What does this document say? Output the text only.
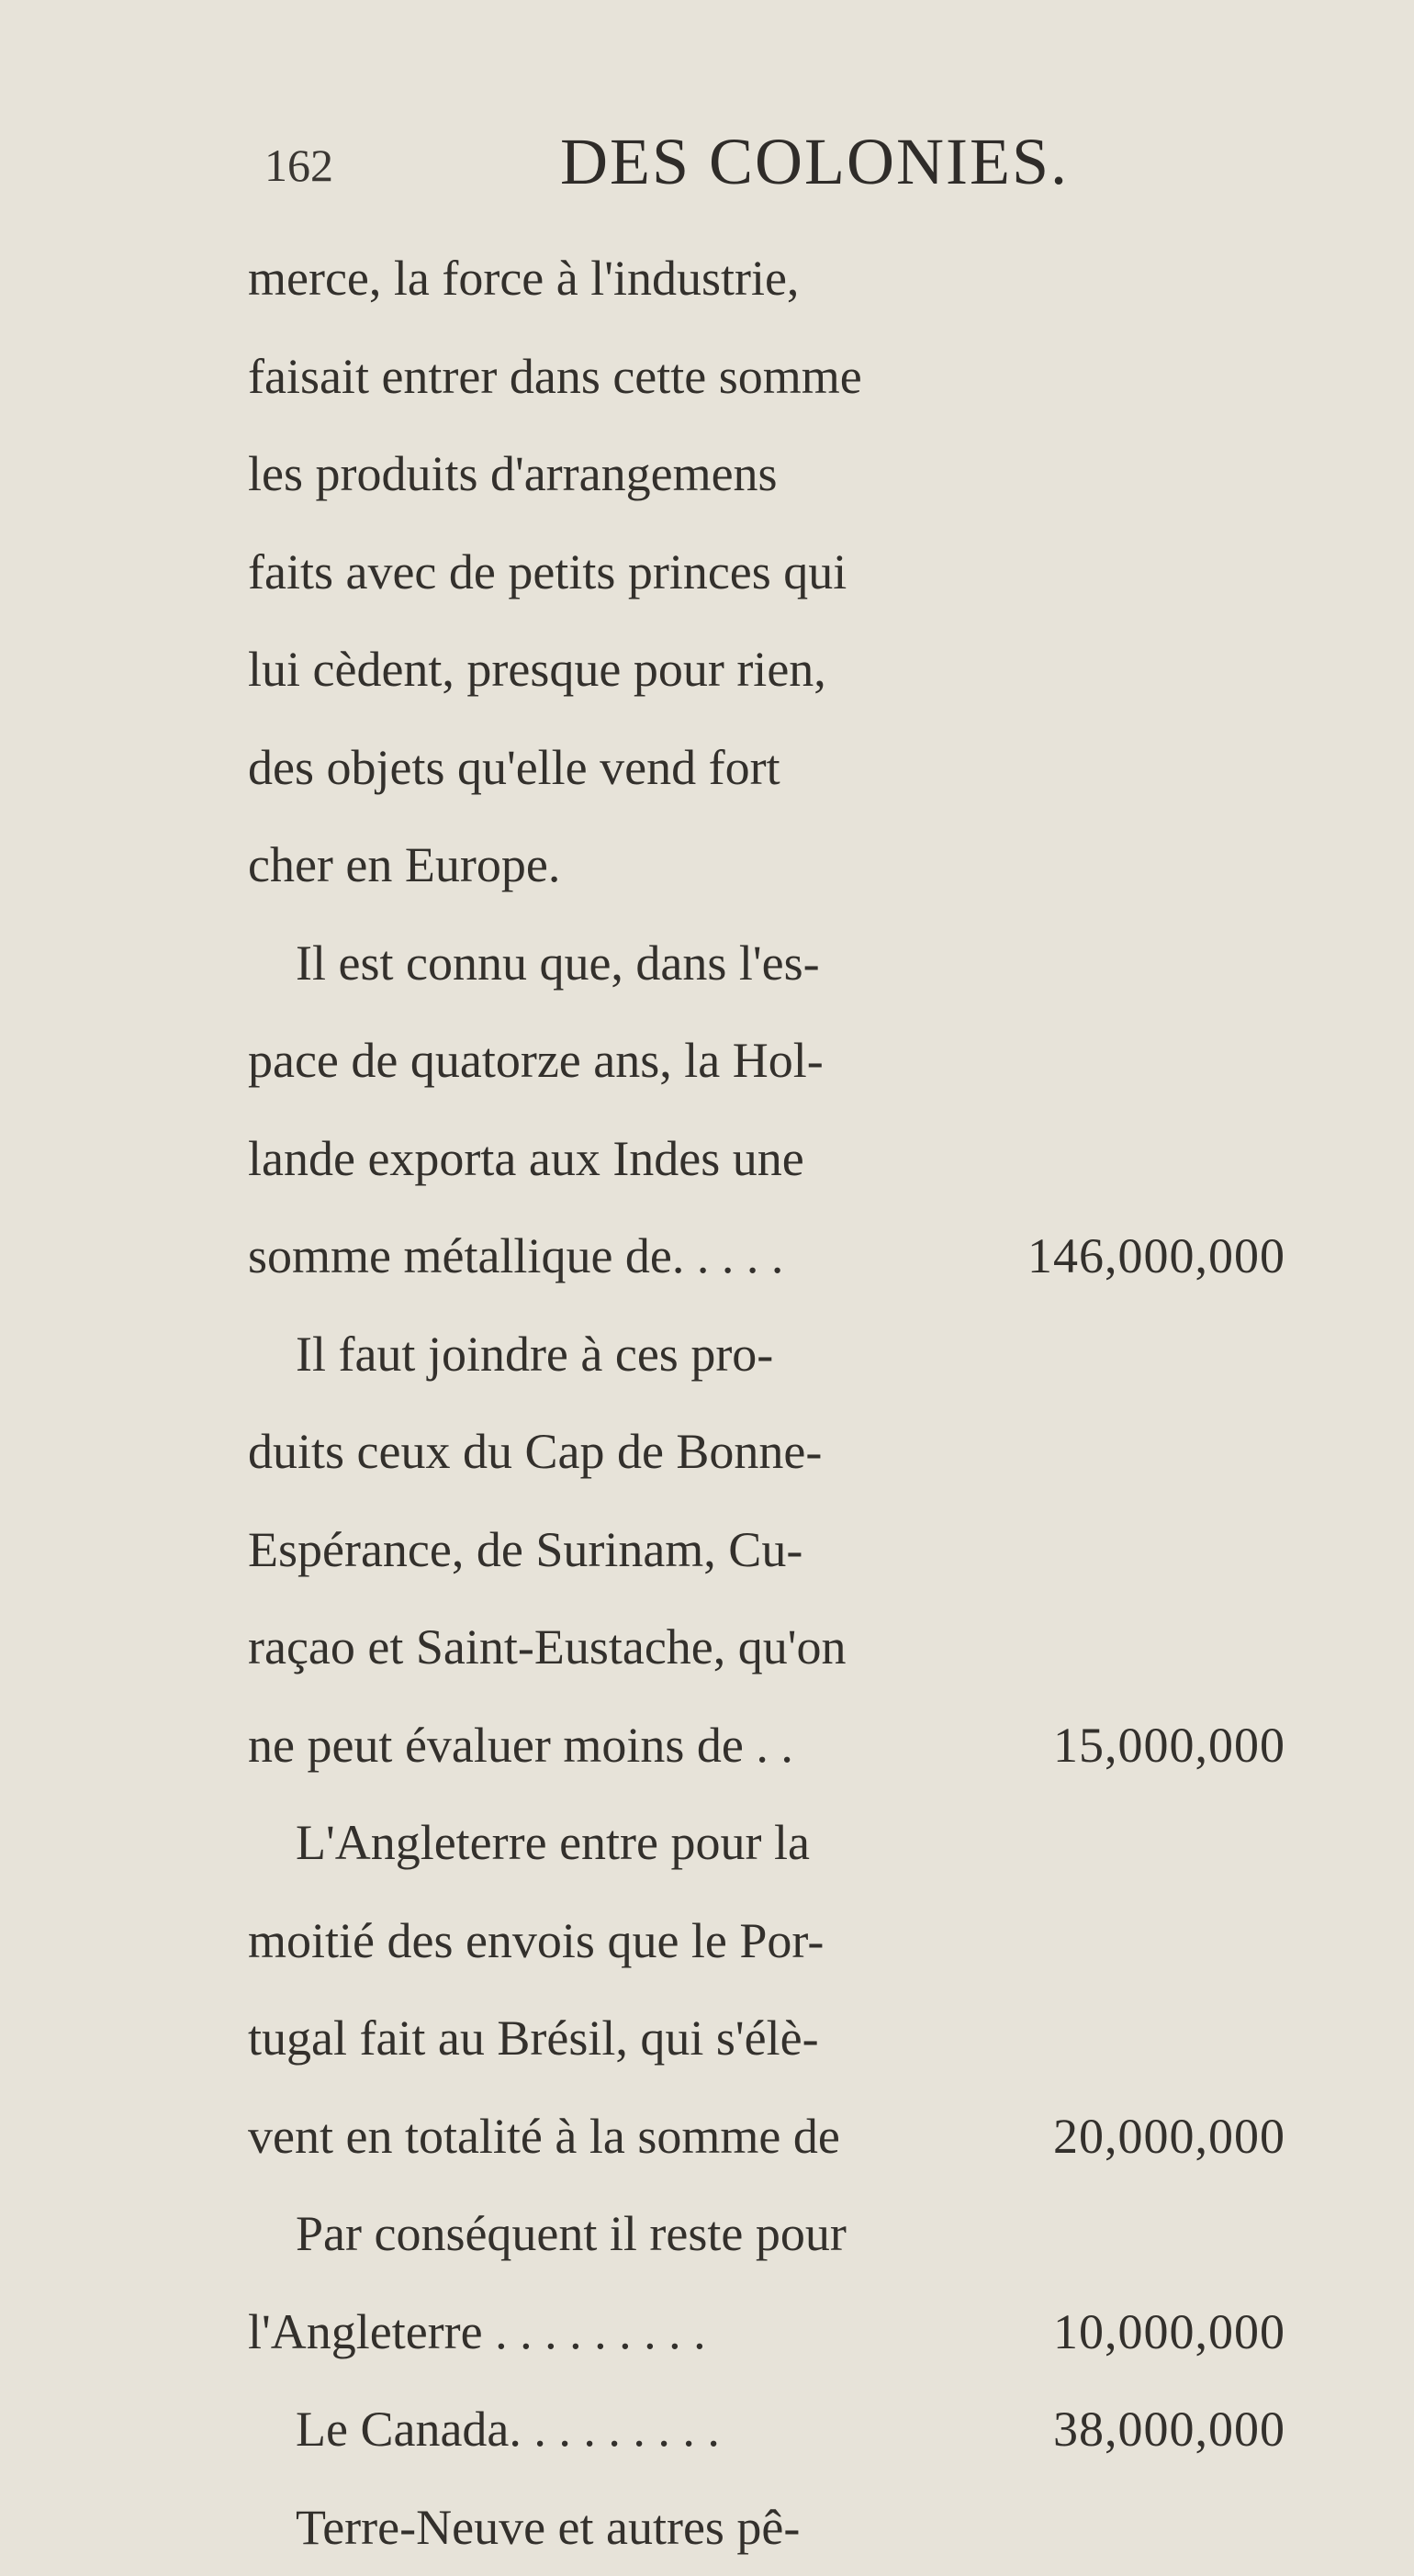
162	DES COLONIES.
merce, la force à l'industrie,
faisait entrer dans cette somme
les produits d'arrangemens
faits avec de petits princes qui
lui cèdent, presque pour rien,
des objets qu'elle vend fort
cher en Europe.
Il est connu que, dans l'es-
pace de quatorze ans, la Hol-
lande exporta aux Indes une
somme métallique de. . . . .	146,000,000
Il faut joindre à ces pro-
duits ceux du Cap de Bonne-
Espérance, de Surinam, Cu-
raçao et Saint-Eustache, qu'on
ne peut évaluer moins de . .	15,000,000
L'Angleterre entre pour la
moitié des envois que le Por-
tugal fait au Brésil, qui s'élè-
vent en totalité à la somme de	20,000,000
Par conséquent il reste pour
l'Angleterre . . . . . . . . .	10,000,000
Le Canada. . . . . . . . .	38,000,000
Terre-Neuve et autres pê-
